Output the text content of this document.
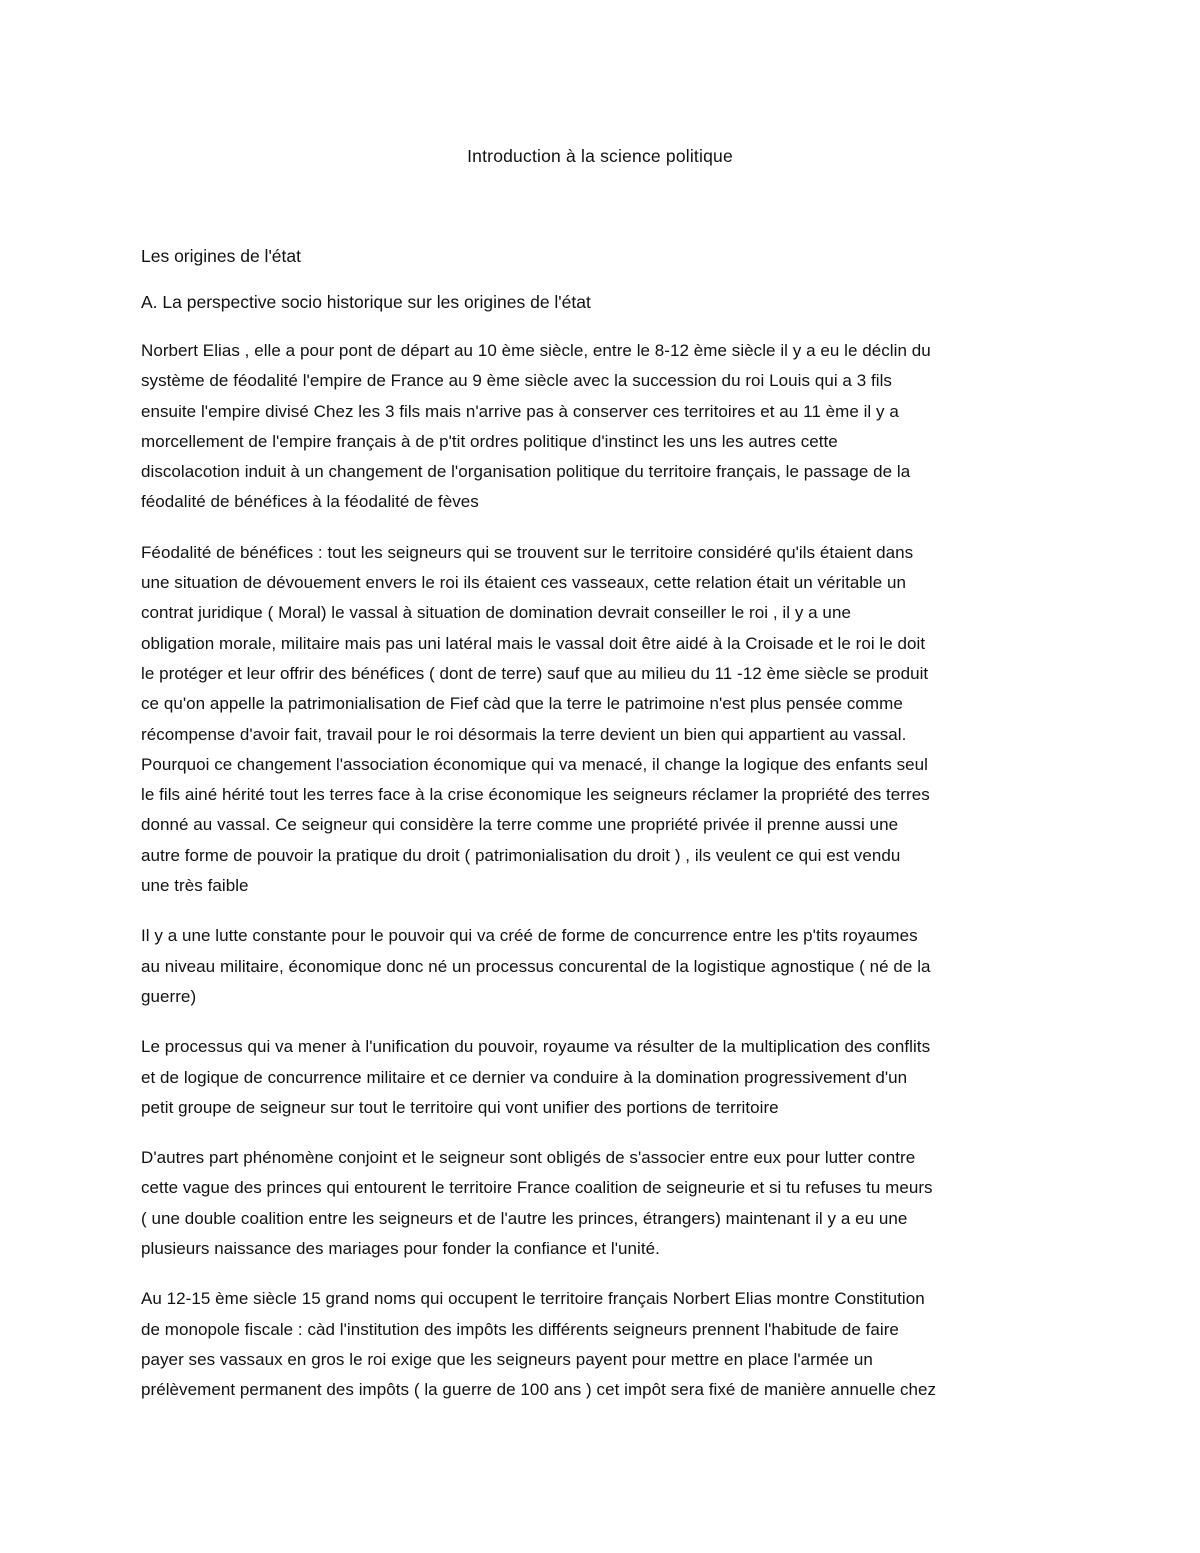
Introduction à la science politique
Les origines de l'état
A. La perspective socio historique sur les origines de l'état
Norbert Elias , elle a pour pont de départ au 10 ème siècle, entre le 8-12 ème siècle il y a eu le déclin du
système de féodalité l'empire de France au 9 ème siècle avec la succession du roi Louis qui a 3 fils
ensuite l'empire divisé Chez les 3 fils mais n'arrive pas à conserver ces territoires et au 11 ème il y a
morcellement de l'empire français à de p'tit ordres politique d'instinct les uns les autres cette
discolacotion induit à un changement de l'organisation politique du territoire français, le passage de la
féodalité de bénéfices à la féodalité de fèves
Féodalité de bénéfices : tout les seigneurs qui se trouvent sur le territoire considéré qu'ils étaient dans
une situation de dévouement envers le roi ils étaient ces vasseaux, cette relation était un véritable un
contrat juridique ( Moral) le vassal à situation de domination devrait conseiller le roi , il y a une
obligation morale, militaire mais pas uni latéral mais le vassal doit être aidé à la Croisade et le roi le doit
le protéger et leur offrir des bénéfices ( dont de terre) sauf que au milieu du 11 -12 ème siècle se produit
ce qu'on appelle la patrimonialisation de Fief càd que la terre le patrimoine n'est plus pensée comme
récompense d'avoir fait, travail pour le roi désormais la terre devient un bien qui appartient au vassal.
Pourquoi ce changement l'association économique qui va menacé, il change la logique des enfants seul
le fils ainé hérité tout les terres face à la crise économique les seigneurs réclamer la propriété des terres
donné au vassal. Ce seigneur qui considère la terre comme une propriété privée il prenne aussi une
autre forme de pouvoir la pratique du droit ( patrimonialisation du droit ) , ils veulent ce qui est vendu
une très faible
Il y a une lutte constante pour le pouvoir qui va créé de forme de concurrence entre les p'tits royaumes
au niveau militaire, économique donc né un processus concurental de la logistique agnostique ( né de la
guerre)
Le processus qui va mener à l'unification du pouvoir, royaume va résulter de la multiplication des conflits
et de logique de concurrence militaire et ce dernier va conduire à la domination progressivement d'un
petit groupe de seigneur sur tout le territoire qui vont unifier des portions de territoire
D'autres part phénomène conjoint et le seigneur sont obligés de s'associer entre eux pour lutter contre
cette vague des princes qui entourent le territoire France coalition de seigneurie et si tu refuses tu meurs
( une double coalition entre les seigneurs et de l'autre les princes, étrangers) maintenant il y a eu une
plusieurs naissance des mariages pour fonder la confiance et l'unité.
Au 12-15 ème siècle 15 grand noms qui occupent le territoire français Norbert Elias montre Constitution
de monopole fiscale : càd l'institution des impôts les différents seigneurs prennent l'habitude de faire
payer ses vassaux en gros le roi exige que les seigneurs payent pour mettre en place l'armée un
prélèvement permanent des impôts ( la guerre de 100 ans ) cet impôt sera fixé de manière annuelle chez
